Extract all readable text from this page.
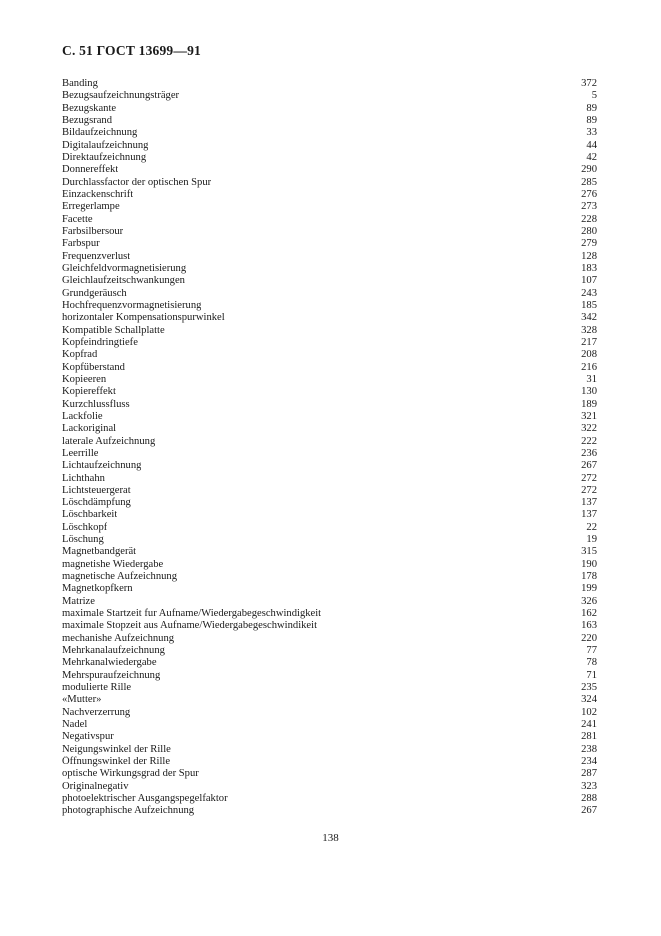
С. 51 ГОСТ 13699—91
Banding	372
Bezugsaufzeichnungsträger	5
Bezugskante	89
Bezugsrand	89
Bildaufzeichnung	33
Digitalaufzeichnung	44
Direktaufzeichnung	42
Donnereffekt	290
Durchlassfactor der optischen Spur	285
Einzackenschrift	276
Erregerlampe	273
Facette	228
Farbsilbersour	280
Farbspur	279
Frequenzverlust	128
Gleichfeldvormagnetisierung	183
Gleichlaufzeitschwankungen	107
Grundgeräusch	243
Hochfrequenzvormagnetisierung	185
horizontaler Kompensationspurwinkel	342
Kompatible Schallplatte	328
Kopfeindringtiefe	217
Kopfrad	208
Kopfüberstand	216
Kopieeren	31
Kopiereffekt	130
Kurzchlussfluss	189
Lackfolie	321
Lackoriginal	322
laterale Aufzeichnung	222
Leerrille	236
Lichtaufzeichnung	267
Lichthahn	272
Lichtsteuergerat	272
Löschdämpfung	137
Löschbarkeit	137
Löschkopf	22
Löschung	19
Magnetbandgerät	315
magnetishe Wiedergabe	190
magnetische Aufzeichnung	178
Magnetkopfkern	199
Matrize	326
maximale Startzeit fur Aufname/Wiedergabegeschwindigkeit	162
maximale Stopzeit aus Aufname/Wiedergabegeschwindikeit	163
mechanishe Aufzeichnung	220
Mehrkanalaufzeichnung	77
Mehrkanalwiedergabe	78
Mehrspuraufzeichnung	71
modulierte Rille	235
«Mutter»	324
Nachverzerrung	102
Nadel	241
Negativspur	281
Neigungswinkel der Rille	238
Öffnungswinkel der Rille	234
optische Wirkungsgrad der Spur	287
Originalnegativ	323
photoelektrischer Ausgangspegelfaktor	288
photographische Aufzeichnung	267
138
